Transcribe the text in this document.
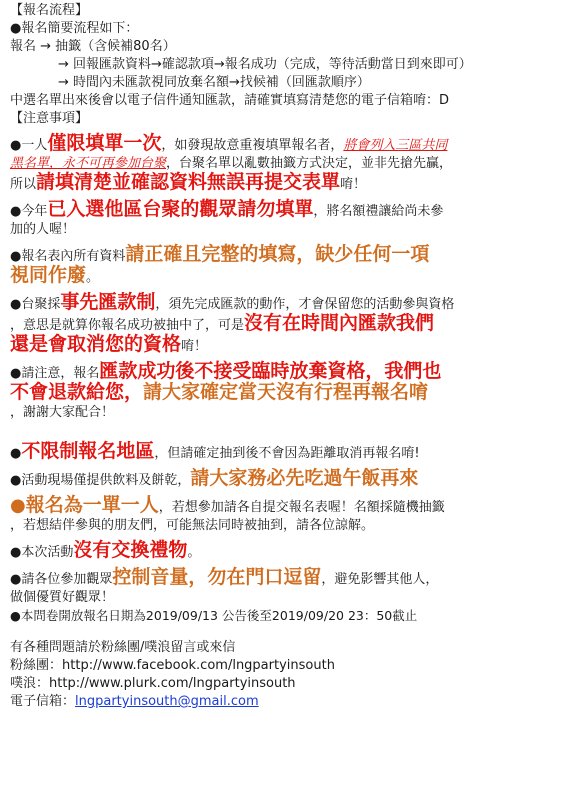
【報名流程】
●報名簡要流程如下：
報名 → 抽籤（含候補80名）
→ 回報匯款資料→確認款項→報名成功（完成，等待活動當日到來即可）
→ 時間內未匯款視同放棄名額→找候補（回匯款順序）
中選名單出來後會以電子信件通知匯款，請確實填寫清楚您的電子信箱唷：D
【注意事項】
●一人僅限填單一次，如發現故意重複填單報名者，將會列入三區共同
黑名單，永不可再參加台聚，台聚名單以亂數抽籤方式決定，並非先搶先贏，
所以請填清楚並確認資料無誤再提交表單唷！
●今年已入選他區台聚的觀眾請勿填單，將名額禮讓給尚未參
加的人喔！
●報名表內所有資料請正確且完整的填寫，缺少任何一項
視同作廢。
●台聚採事先匯款制，須先完成匯款的動作，才會保留您的活動參與資格
，意思是就算你報名成功被抽中了，可是沒有在時間內匯款我們
還是會取消您的資格唷！
●請注意，報名匯款成功後不接受臨時放棄資格，我們也
不會退款給您，請大家確定當天沒有行程再報名唷
，謝謝大家配合！
●不限制報名地區，但請確定抽到後不會因為距離取消再報名唷!
●活動現場僅提供飲料及餅乾，請大家務必先吃過午飯再來
●報名為一單一人，若想參加請各自提交報名表喔！名額採隨機抽籤
，若想結伴參與的朋友們，可能無法同時被抽到，請各位諒解。
●本次活動沒有交換禮物。
●請各位參加觀眾控制音量，勿在門口逗留，避免影響其他人，
做個優質好觀眾！
●本問卷開放報名日期為2019/09/13 公告後至2019/09/20 23：50截止
有各種問題請於粉絲團/噗浪留言或來信
粉絲團：http://www.facebook.com/lngpartyinsouth
噗浪：http://www.plurk.com/lngpartyinsouth
電子信箱：lngpartyinsouth@gmail.com
